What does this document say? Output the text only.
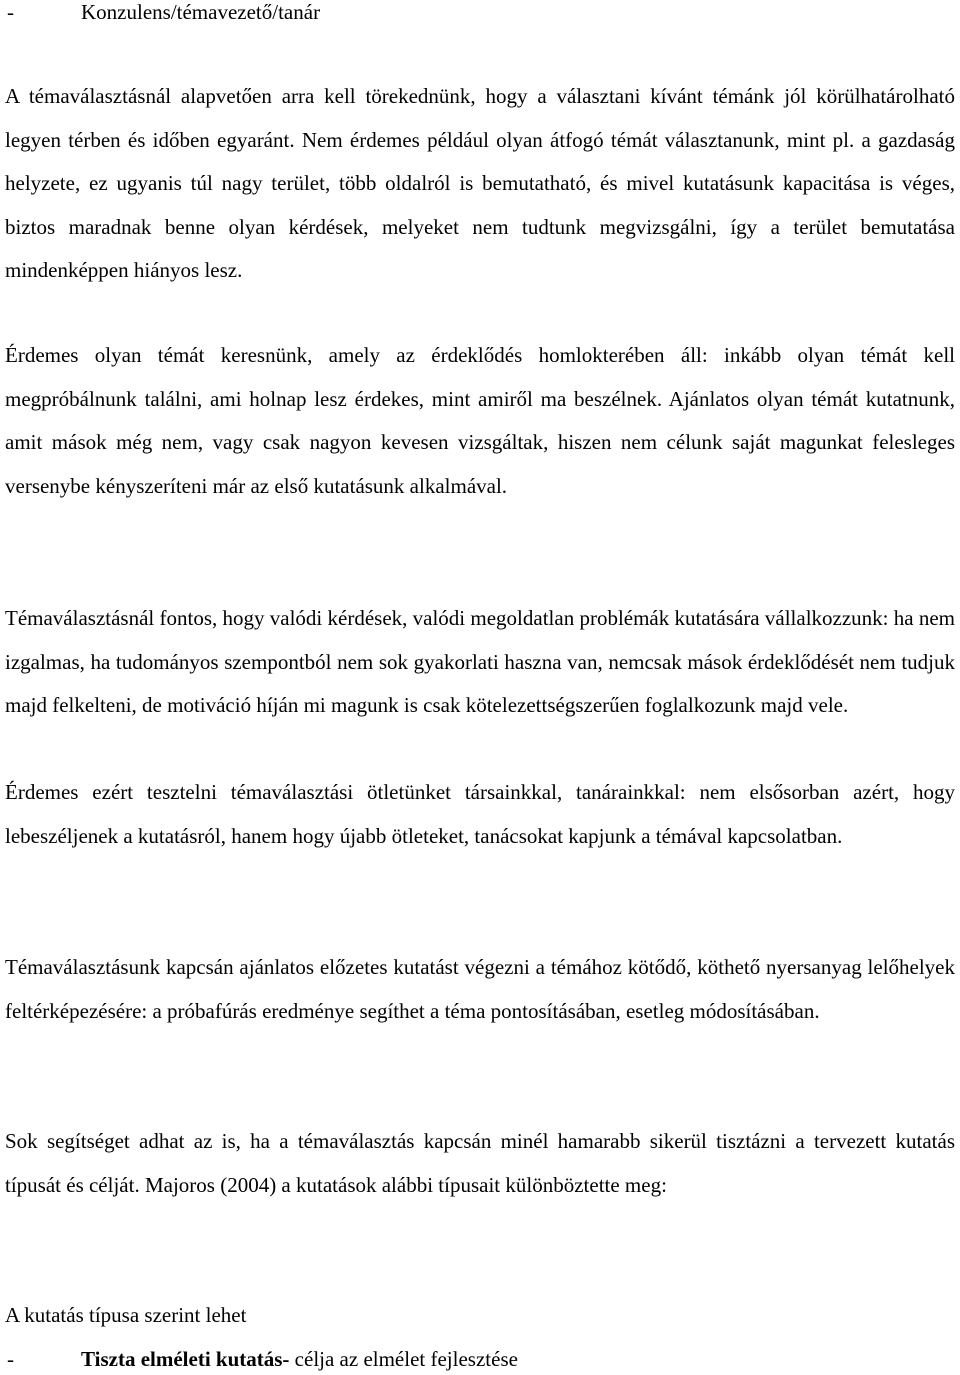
-	Konzulens/témavezető/tanár

A témaválasztásnál alapvetően arra kell törekednünk, hogy a választani kívánt témánk jól körülhatárolható legyen térben és időben egyaránt. Nem érdemes például olyan átfogó témát választanunk, mint pl. a gazdaság helyzete, ez ugyanis túl nagy terület, több oldalról is bemutatható, és mivel kutatásunk kapacitása is véges, biztos maradnak benne olyan kérdések, melyeket nem tudtunk megvizsgálni, így a terület bemutatása mindenképpen hiányos lesz.

Érdemes olyan témát keresnünk, amely az érdeklődés homlokterében áll: inkább olyan témát kell megpróbálnunk találni, ami holnap lesz érdekes, mint amiről ma beszélnek. Ajánlatos olyan témát kutatnunk, amit mások még nem, vagy csak nagyon kevesen vizsgáltak, hiszen nem célunk saját magunkat felesleges versenybe kényszeríteni már az első kutatásunk alkalmával.

Témaválasztásnál fontos, hogy valódi kérdések, valódi megoldatlan problémák kutatására vállalkozzunk: ha nem izgalmas, ha tudományos szempontból nem sok gyakorlati haszna van, nemcsak mások érdeklődését nem tudjuk majd felkelteni, de motiváció híján mi magunk is csak kötelezettségszerűen foglalkozunk majd vele.

Érdemes ezért tesztelni témaválasztási ötletünket társainkkal, tanárainkkal: nem elsősorban azért, hogy lebeszéljenek a kutatásról, hanem hogy újabb ötleteket, tanácsokat kapjunk a témával kapcsolatban.

Témaválasztásunk kapcsán ajánlatos előzetes kutatást végezni a témához kötődő, köthető nyersanyag lelőhelyek feltérképezésére: a próbafúrás eredménye segíthet a téma pontosításában, esetleg módosításában.

Sok segítséget adhat az is, ha a témaválasztás kapcsán minél hamarabb sikerül tisztázni a tervezett kutatás típusát és célját. Majoros (2004) a kutatások alábbi típusait különböztette meg:

A kutatás típusa szerint lehet

-	Tiszta elméleti kutatás- célja az elmélet fejlesztése
